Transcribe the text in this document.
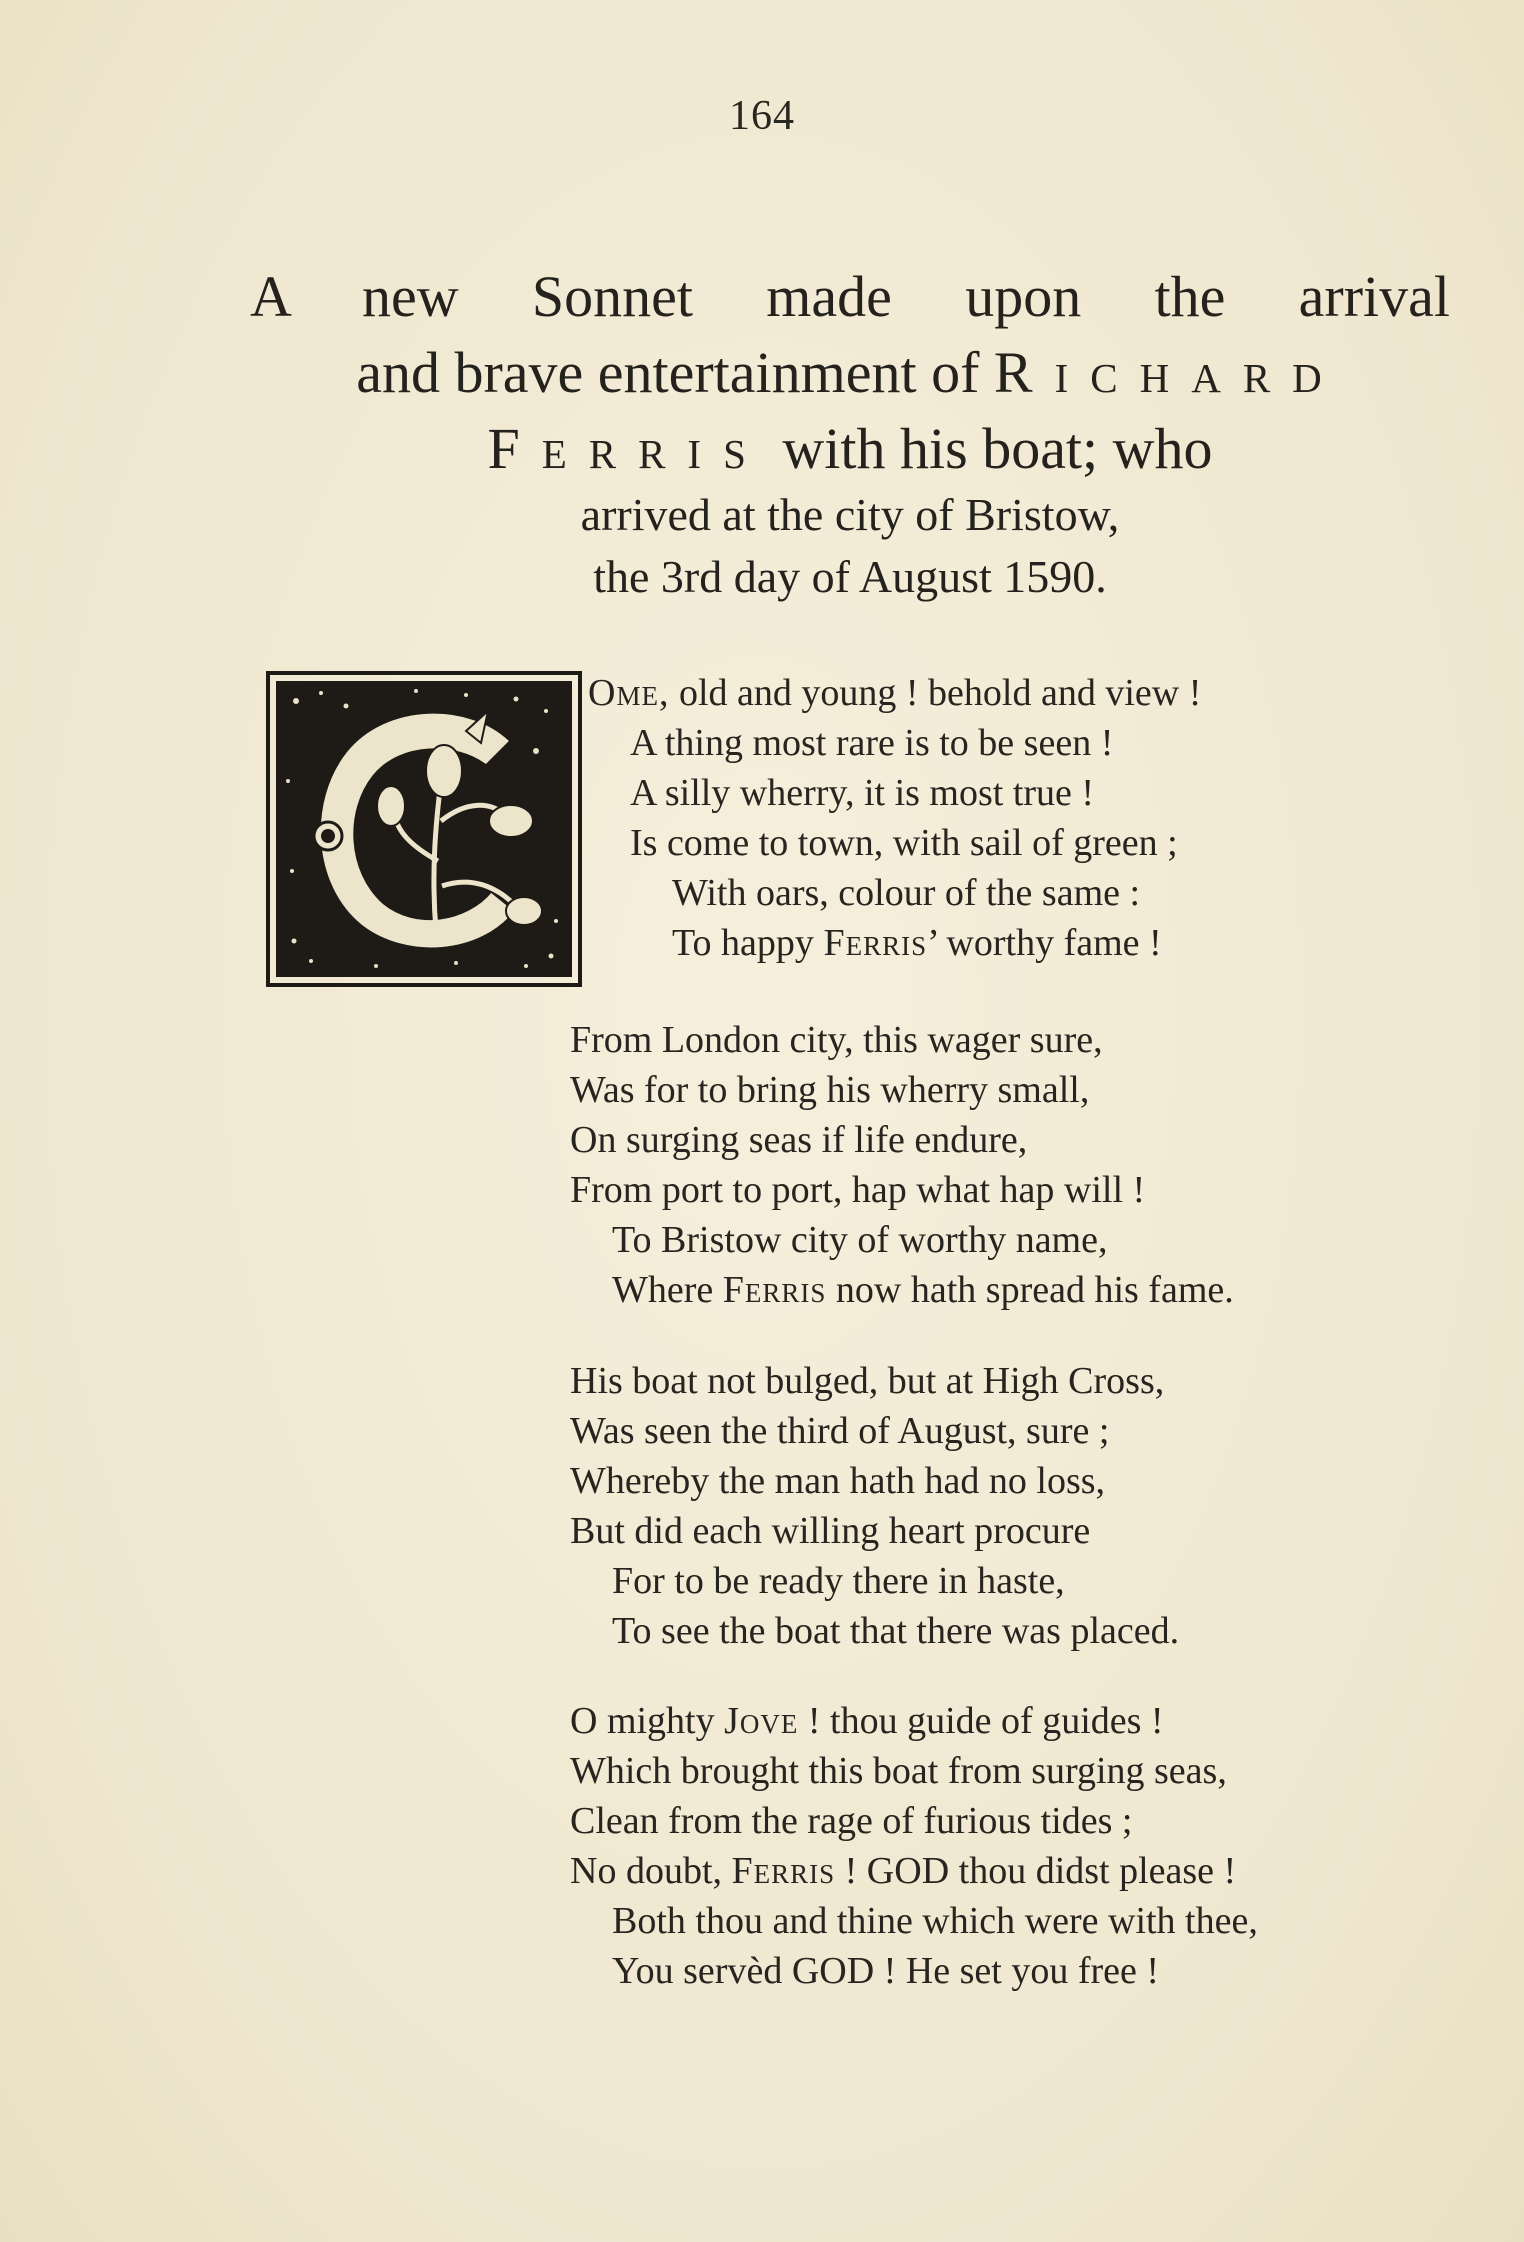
164
A new Sonnet made upon the arrival
and brave entertainment of Richard
Ferris with his boat; who
arrived at the city of Bristow,
the 3rd day of August 1590.
Ome, old and young ! behold and view !
A thing most rare is to be seen !
A silly wherry, it is most true !
Is come to town, with sail of green ;
With oars, colour of the same :
To happy Ferris’ worthy fame !
From London city, this wager sure,
Was for to bring his wherry small,
On surging seas if life endure,
From port to port, hap what hap will !
To Bristow city of worthy name,
Where Ferris now hath spread his fame.
His boat not bulged, but at High Cross,
Was seen the third of August, sure ;
Whereby the man hath had no loss,
But did each willing heart procure
For to be ready there in haste,
To see the boat that there was placed.
O mighty Jove ! thou guide of guides !
Which brought this boat from surging seas,
Clean from the rage of furious tides ;
No doubt, Ferris ! GOD thou didst please !
Both thou and thine which were with thee,
You servèd GOD ! He set you free !
